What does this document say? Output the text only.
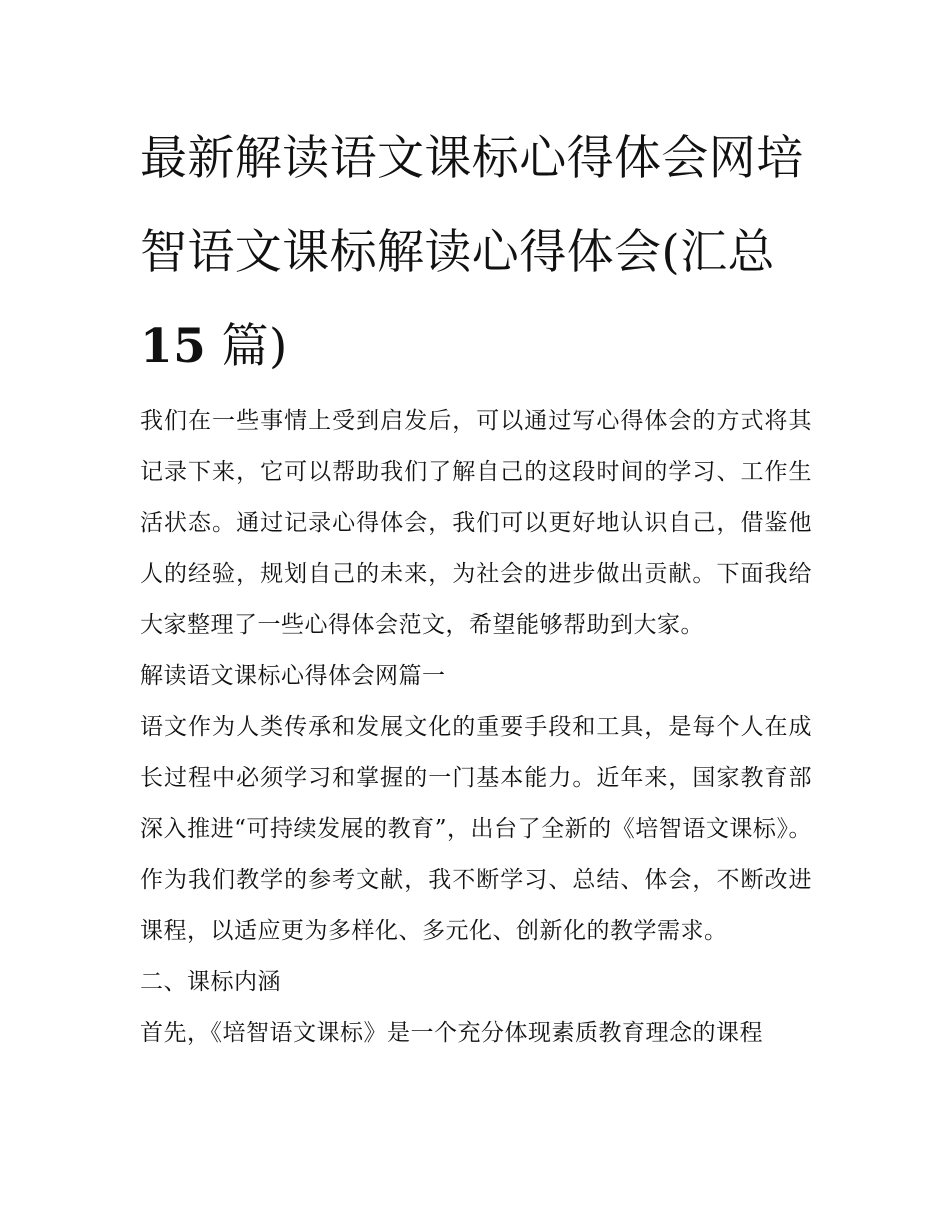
最新解读语文课标心得体会网培智语文课标解读心得体会(汇总 15 篇)

我们在一些事情上受到启发后，可以通过写心得体会的方式将其记录下来，它可以帮助我们了解自己的这段时间的学习、工作生活状态。通过记录心得体会，我们可以更好地认识自己，借鉴他人的经验，规划自己的未来，为社会的进步做出贡献。下面我给大家整理了一些心得体会范文，希望能够帮助到大家。

解读语文课标心得体会网篇一

语文作为人类传承和发展文化的重要手段和工具，是每个人在成长过程中必须学习和掌握的一门基本能力。近年来，国家教育部深入推进“可持续发展的教育”，出台了全新的《培智语文课标》。作为我们教学的参考文献，我不断学习、总结、体会，不断改进课程，以适应更为多样化、多元化、创新化的教学需求。

二、课标内涵

首先，《培智语文课标》是一个充分体现素质教育理念的课程
